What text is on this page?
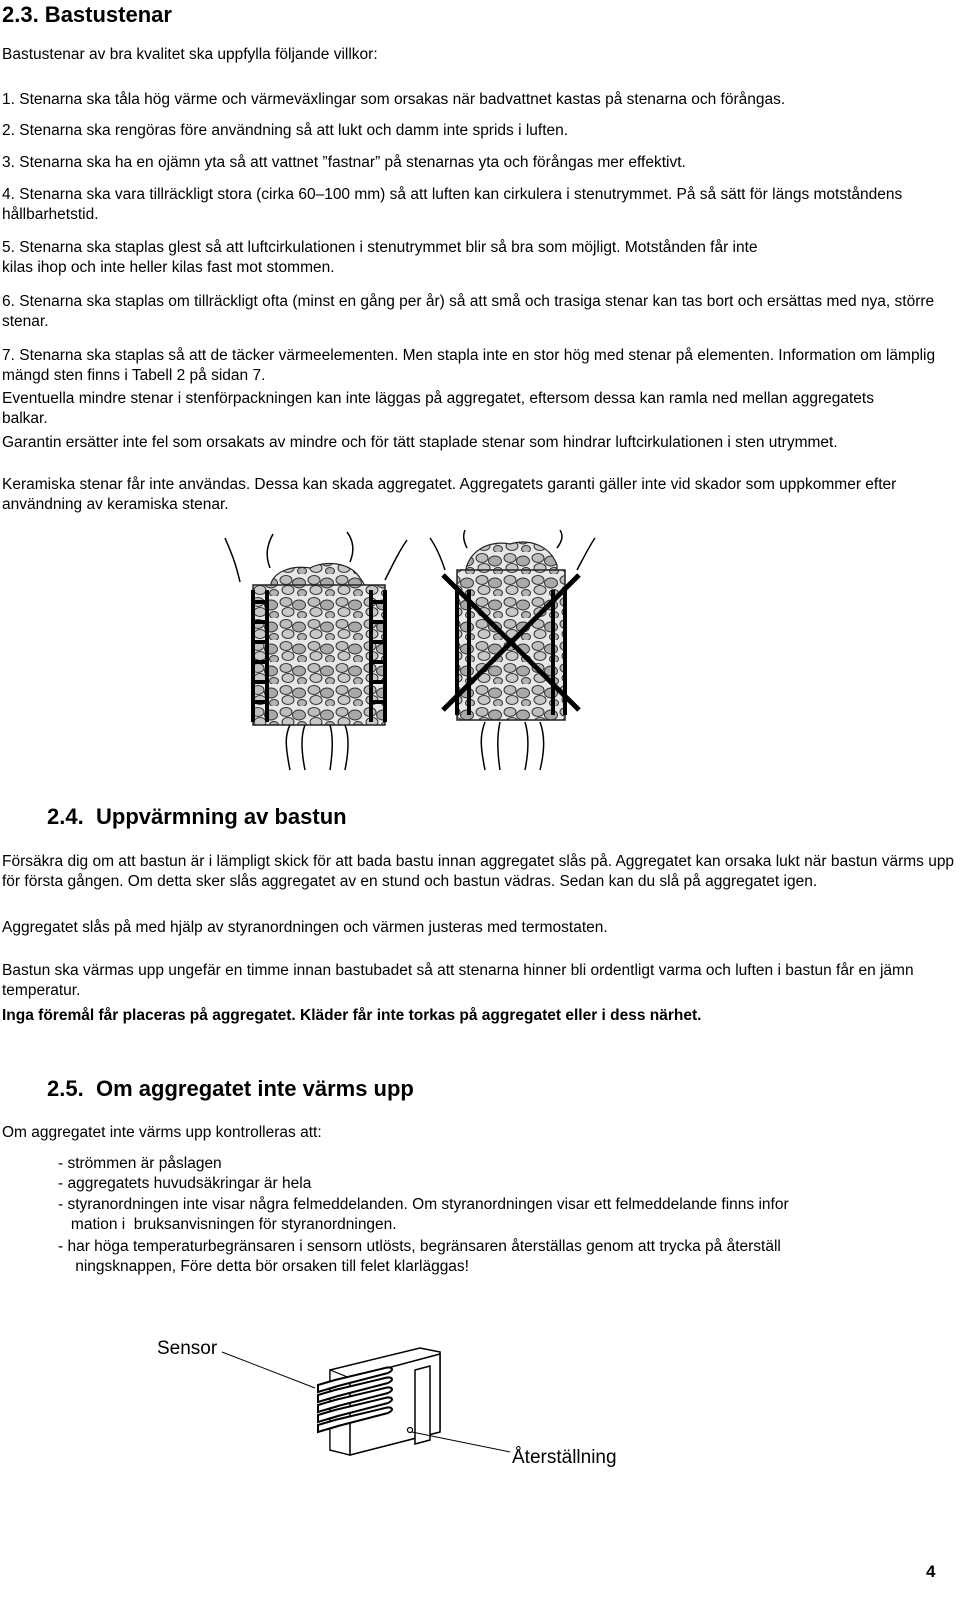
2.3. Bastustenar
Bastustenar av bra kvalitet ska uppfylla följande villkor:
1. Stenarna ska tåla hög värme och värmeväxlingar som orsakas när badvattnet kastas på stenarna och förångas.
2. Stenarna ska rengöras före användning så att lukt och damm inte sprids i luften.
3. Stenarna ska ha en ojämn yta så att vattnet ”fastnar” på stenarnas yta och förångas mer effektivt.
4. Stenarna ska vara tillräckligt stora (cirka 60–100 mm) så att luften kan cirkulera i stenutrymmet. På så sätt för längs motståndens hållbarhetstid.
5. Stenarna ska staplas glest så att luftcirkulationen i stenutrymmet blir så bra som möjligt. Motstånden får inte kilas ihop och inte heller kilas fast mot stommen.
6. Stenarna ska staplas om tillräckligt ofta (minst en gång per år) så att små och trasiga stenar kan tas bort och ersättas med nya, större stenar.
7. Stenarna ska staplas så att de täcker värmeelementen. Men stapla inte en stor hög med stenar på elementen. Information om lämplig mängd sten finns i Tabell 2 på sidan 7.
Eventuella mindre stenar i stenförpackningen kan inte läggas på aggregatet, eftersom dessa kan ramla ned mellan aggregatets balkar.
Garantin ersätter inte fel som orsakats av mindre och för tätt staplade stenar som hindrar luftcirkulationen i sten utrymmet.
Keramiska stenar får inte användas. Dessa kan skada aggregatet. Aggregatets garanti gäller inte vid skador som uppkommer efter användning av keramiska stenar.
2.4. Uppvärmning av bastun
Försäkra dig om att bastun är i lämpligt skick för att bada bastu innan aggregatet slås på. Aggregatet kan orsaka lukt när bastun värms upp för första gången. Om detta sker slås aggregatet av en stund och bastun vädras. Sedan kan du slå på aggregatet igen.
Aggregatet slås på med hjälp av styranordningen och värmen justeras med termostaten.
Bastun ska värmas upp ungefär en timme innan bastubadet så att stenarna hinner bli ordentligt varma och luften i bastun får en jämn temperatur.
Inga föremål får placeras på aggregatet. Kläder får inte torkas på aggregatet eller i dess närhet.
2.5. Om aggregatet inte värms upp
Om aggregatet inte värms upp kontrolleras att:
- strömmen är påslagen
- aggregatets huvudsäkringar är hela
- styranordningen inte visar några felmeddelanden. Om styranordningen visar ett felmeddelande finns infor
mation i  bruksanvisningen för styranordningen.
- har höga temperaturbegränsaren i sensorn utlösts, begränsaren återställas genom att trycka på återställ
ningsknappen, Före detta bör orsaken till felet klarläggas!
Sensor
Återställning
4
